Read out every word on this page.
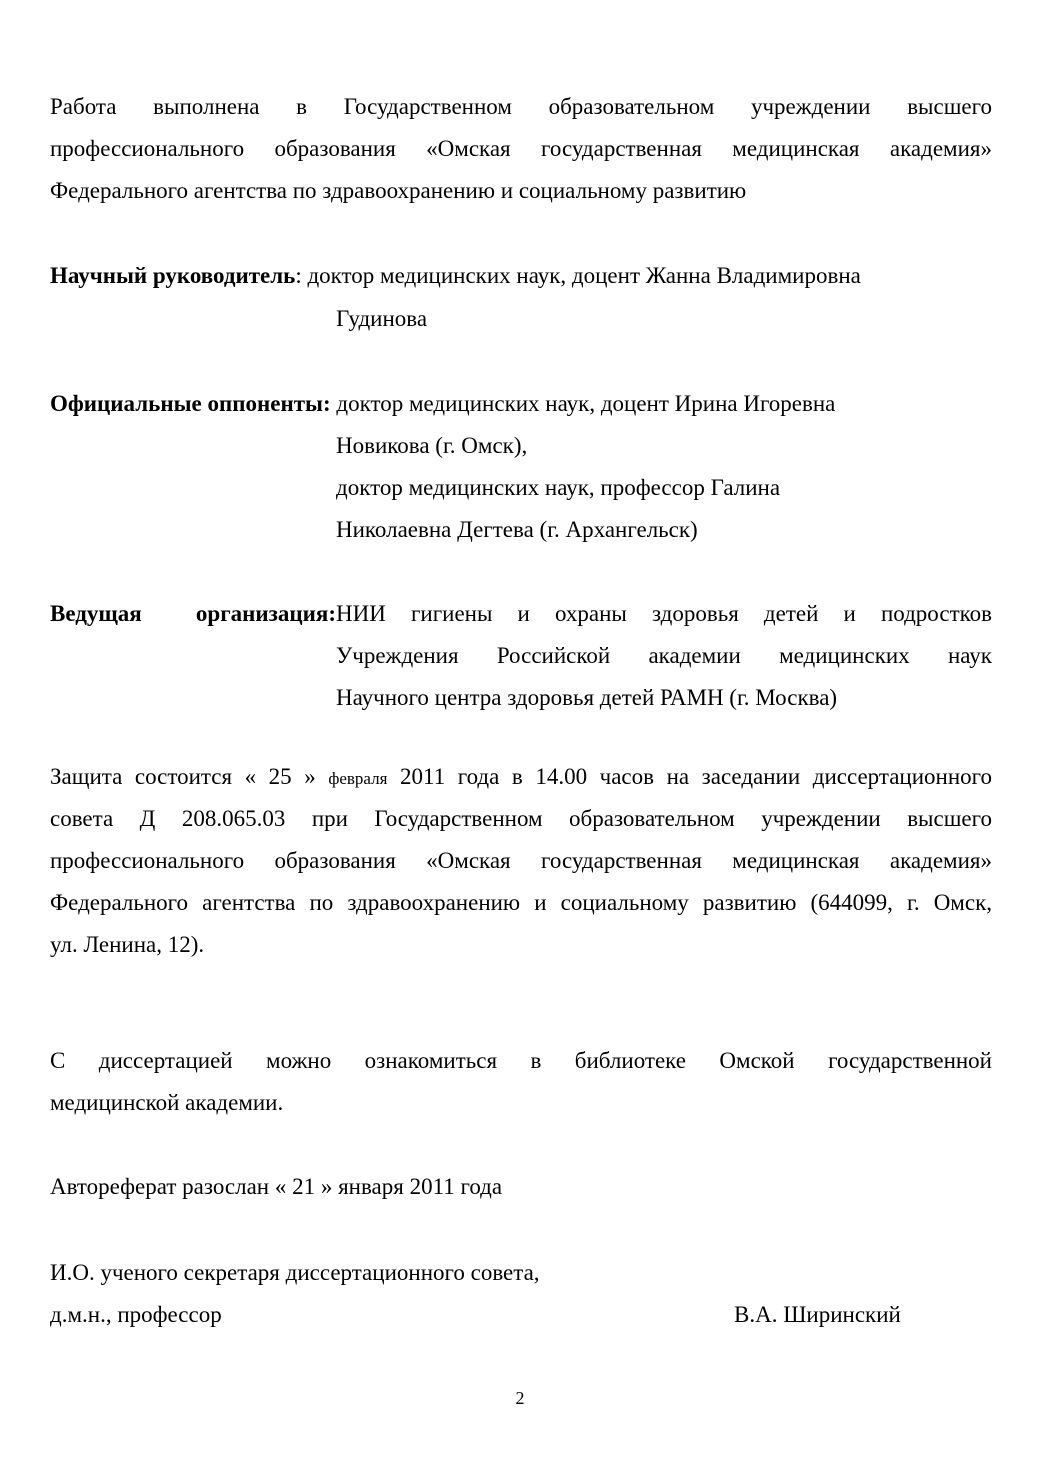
Работа выполнена в Государственном образовательном учреждении высшего
профессионального образования «Омская государственная медицинская академия»
Федерального агентства по здравоохранению и социальному развитию

Научный руководитель: доктор медицинских наук, доцент Жанна Владимировна

Гудинова

Официальные оппоненты: доктор медицинских наук, доцент Ирина Игоревна

Новикова (г. Омск),

доктор медицинских наук, профессор Галина

Николаевна Дегтева (г. Архангельск)

Ведущая организация: НИИ гигиены и охраны здоровья детей и подростков
Учреждения Российской академии медицинских наук
Научного центра здоровья детей РАМН (г. Москва)
Защита состоится « 25 » февраля 2011 года в 14.00 часов на заседании диссертационного
совета Д 208.065.03 при Государственном образовательном учреждении высшего
профессионального образования «Омская государственная медицинская академия»
Федерального агентства по здравоохранению и социальному развитию (644099, г. Омск,
ул. Ленина, 12).
С диссертацией можно ознакомиться в библиотеке Омской государственной
медицинской академии.

Автореферат разослан « 21 » января 2011 года

И.О. ученого секретаря диссертационного совета,

д.м.н., профессор	В.А. Ширинский

2
